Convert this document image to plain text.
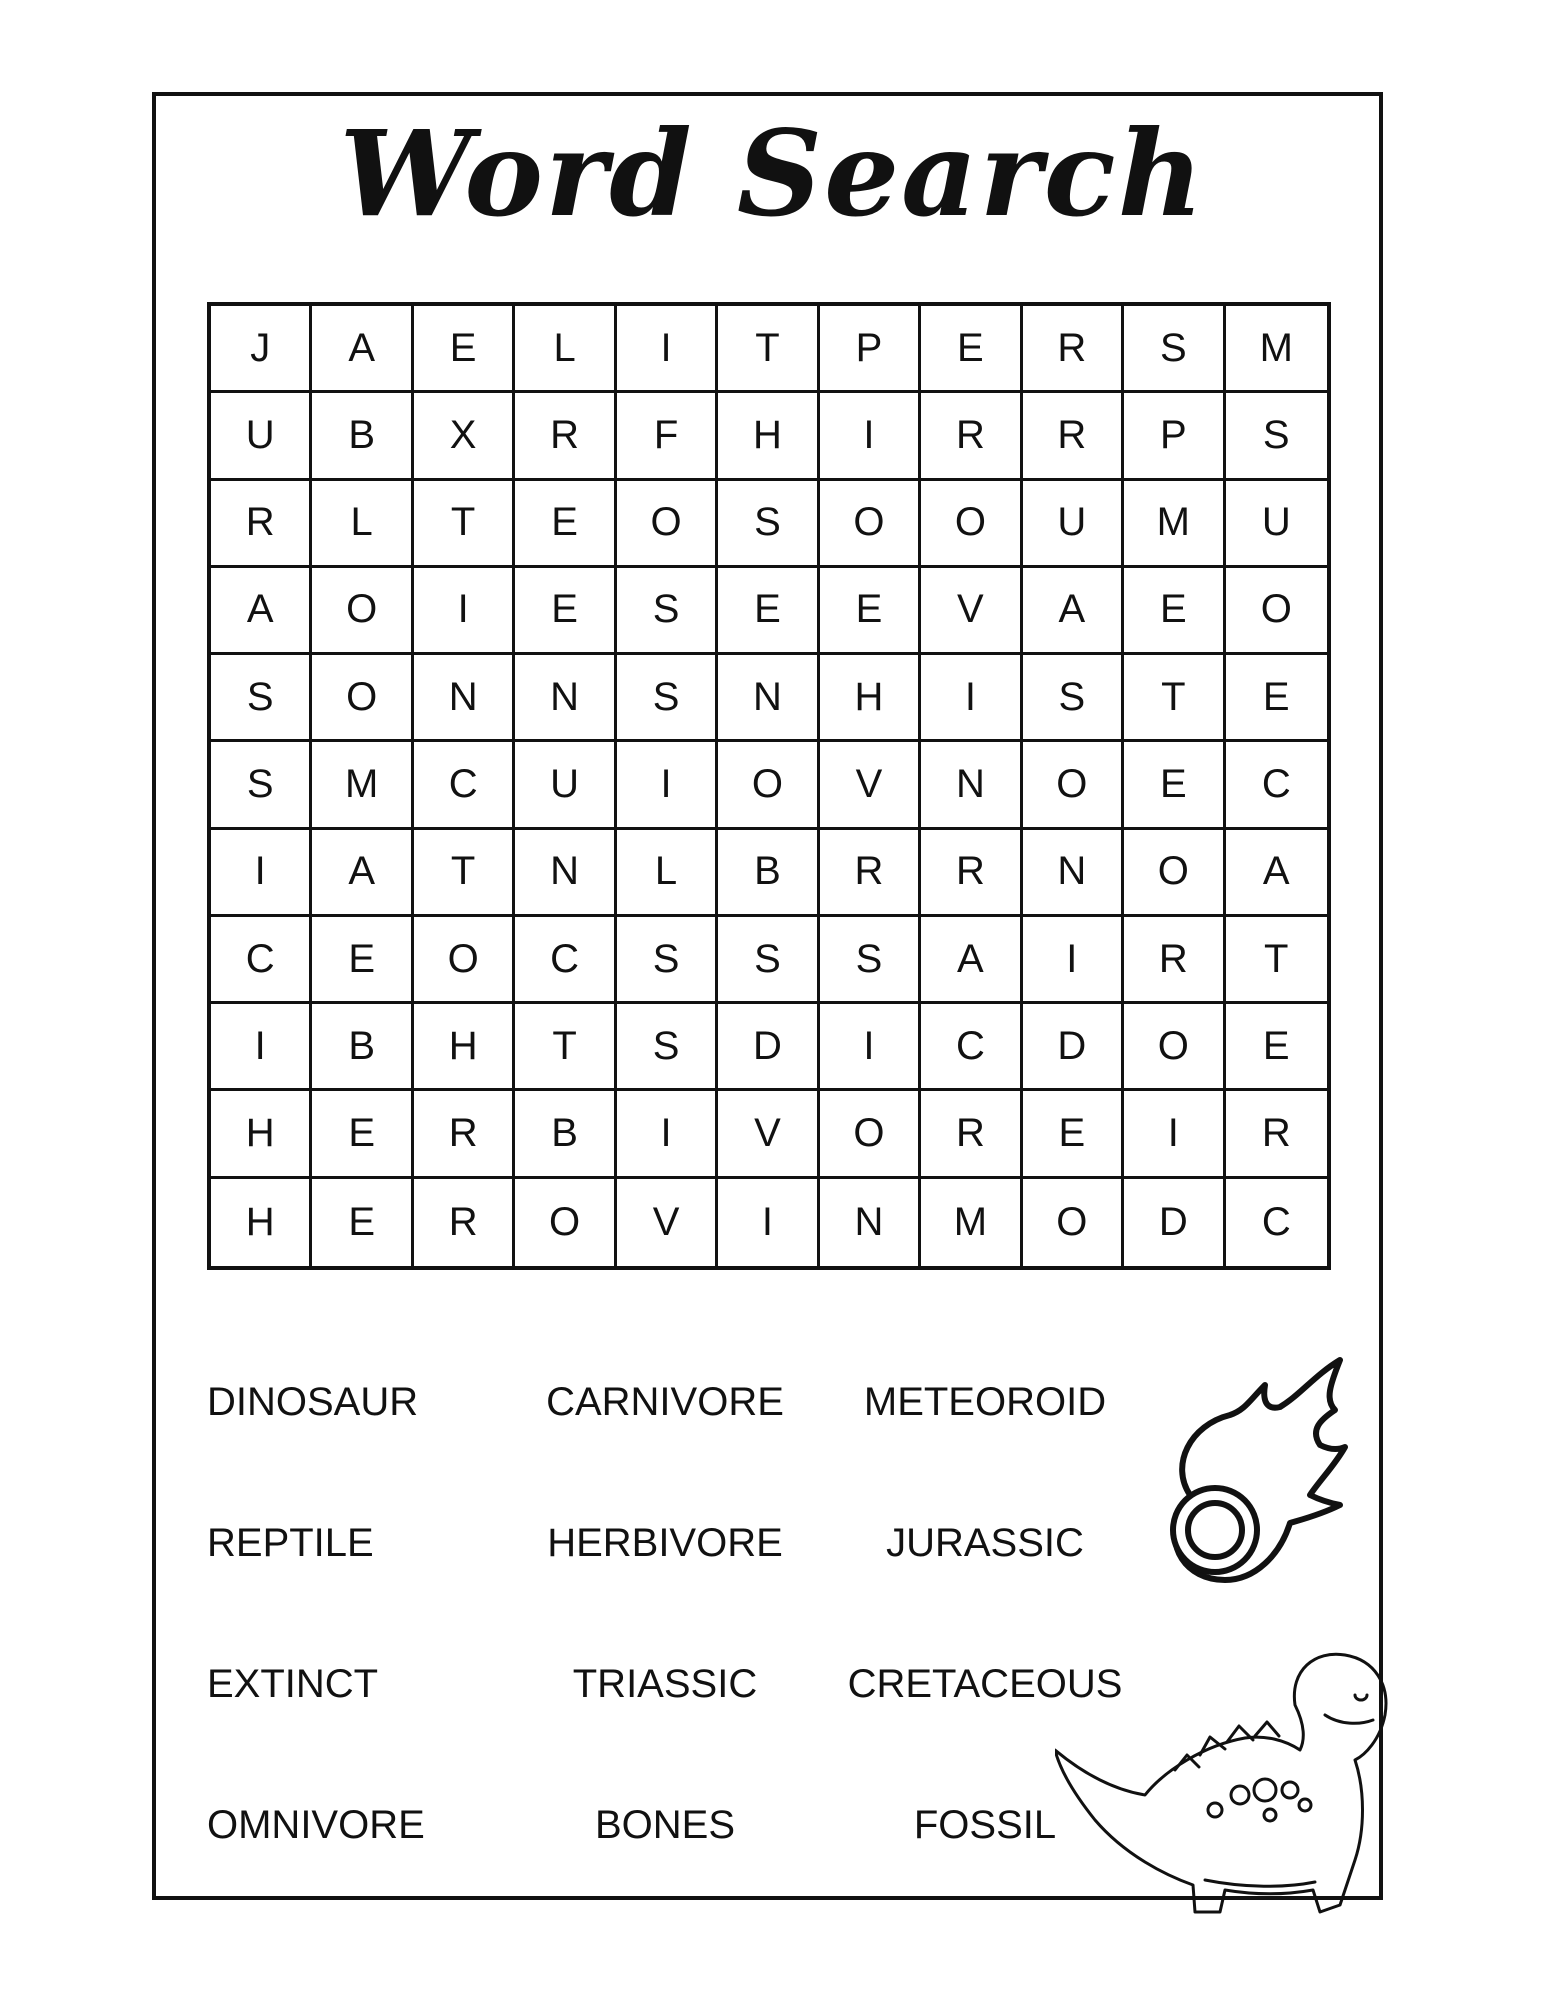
Word Search
J	A	E	L	I	T	P	E	R	S	M
U	B	X	R	F	H	I	R	R	P	S
R	L	T	E	O	S	O	O	U	M	U
A	O	I	E	S	E	E	V	A	E	O
S	O	N	N	S	N	H	I	S	T	E
S	M	C	U	I	O	V	N	O	E	C
I	A	T	N	L	B	R	R	N	O	A
C	E	O	C	S	S	S	A	I	R	T
I	B	H	T	S	D	I	C	D	O	E
H	E	R	B	I	V	O	R	E	I	R
H	E	R	O	V	I	N	M	O	D	C
DINOSAUR	CARNIVORE	METEOROID
REPTILE	HERBIVORE	JURASSIC
EXTINCT	TRIASSIC	CRETACEOUS
OMNIVORE	BONES	FOSSIL
